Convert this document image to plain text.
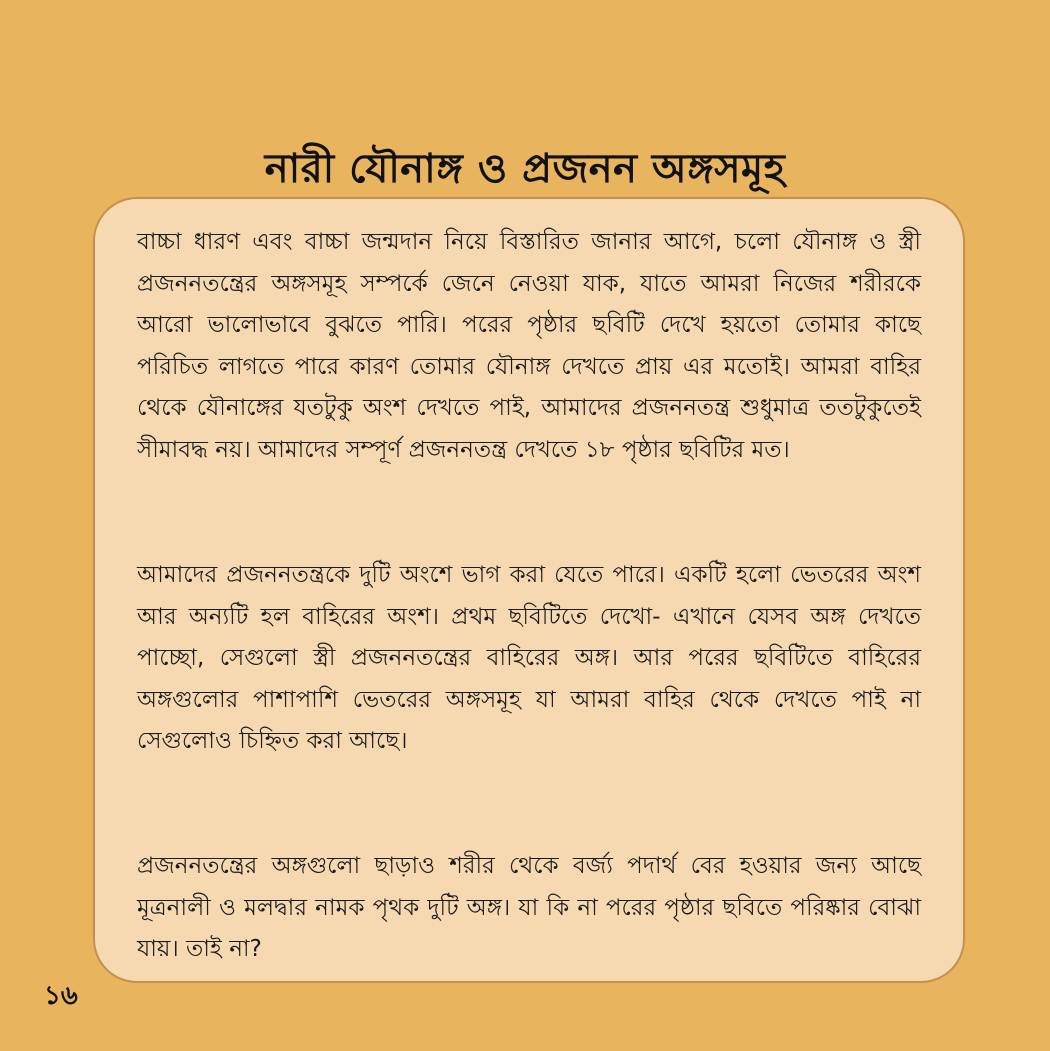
নারী যৌনাঙ্গ ও প্রজনন অঙ্গসমূহ

বাচ্চা ধারণ এবং বাচ্চা জন্মদান নিয়ে বিস্তারিত জানার আগে, চলো যৌনাঙ্গ ও স্ত্রী প্রজননতন্ত্রের অঙ্গসমূহ সম্পর্কে জেনে নেওয়া যাক, যাতে আমরা নিজের শরীরকে আরো ভালোভাবে বুঝতে পারি। পরের পৃষ্ঠার ছবিটি দেখে হয়তো তোমার কাছে পরিচিত লাগতে পারে কারণ তোমার যৌনাঙ্গ দেখতে প্রায় এর মতোই। আমরা বাহির থেকে যৌনাঙ্গের যতটুকু অংশ দেখতে পাই, আমাদের প্রজননতন্ত্র শুধুমাত্র ততটুকুতেই সীমাবদ্ধ নয়। আমাদের সম্পূর্ণ প্রজননতন্ত্র দেখতে ১৮ পৃষ্ঠার ছবিটির মত।

আমাদের প্রজননতন্ত্রকে দুটি অংশে ভাগ করা যেতে পারে। একটি হলো ভেতরের অংশ আর অন্যটি হল বাহিরের অংশ। প্রথম ছবিটিতে দেখো- এখানে যেসব অঙ্গ দেখতে পাচ্ছো, সেগুলো স্ত্রী প্রজননতন্ত্রের বাহিরের অঙ্গ। আর পরের ছবিটিতে বাহিরের অঙ্গগুলোর পাশাপাশি ভেতরের অঙ্গসমূহ যা আমরা বাহির থেকে দেখতে পাই না সেগুলোও চিহ্নিত করা আছে।

প্রজননতন্ত্রের অঙ্গগুলো ছাড়াও শরীর থেকে বর্জ্য পদার্থ বের হওয়ার জন্য আছে মূত্রনালী ও মলদ্বার নামক পৃথক দুটি অঙ্গ। যা কি না পরের পৃষ্ঠার ছবিতে পরিষ্কার বোঝা যায়। তাই না?

১৬
